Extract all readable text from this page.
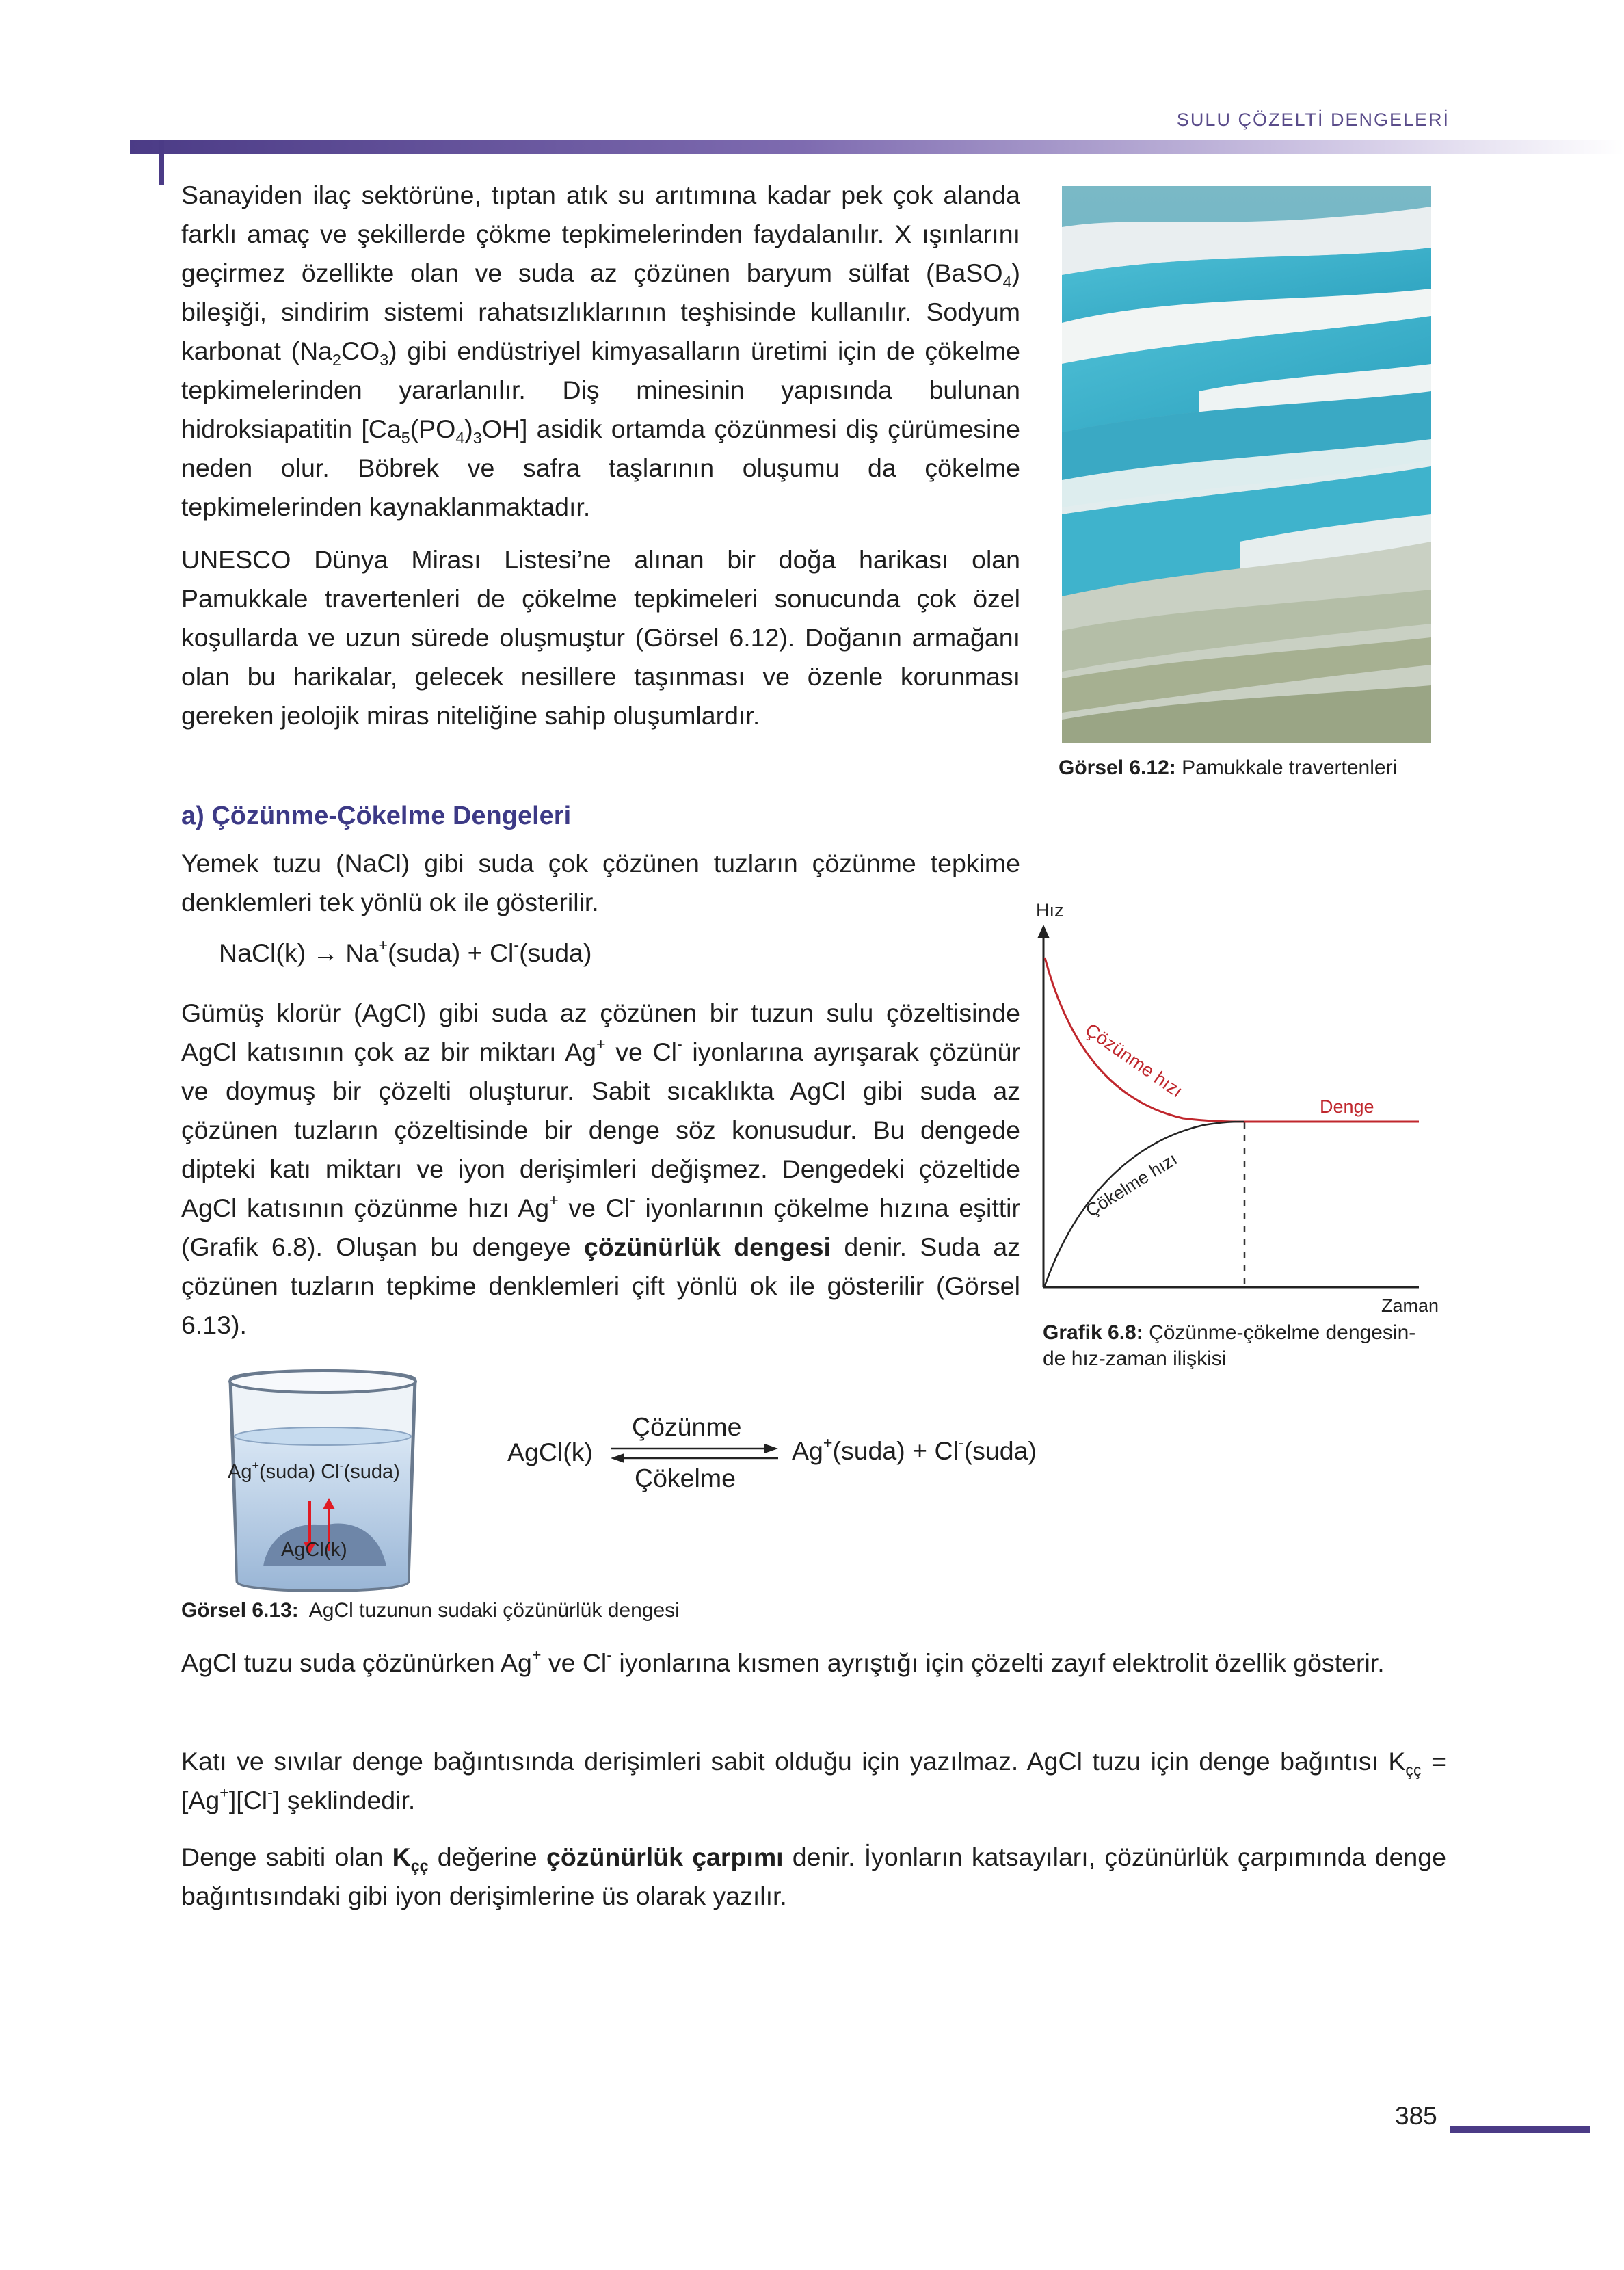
SULU ÇÖZELTİ DENGELERİ

Sanayiden ilaç sektörüne, tıptan atık su arıtımına kadar pek çok alanda farklı amaç ve şekillerde çökme tepkimelerinden faydalanılır. X ışınlarını geçirmez özellikte olan ve suda az çözünen baryum sülfat (BaSO$_4$) bileşiği, sindirim sistemi rahatsızlıklarının teşhisinde kullanılır. Sodyum karbonat $(Na_2CO_3)$ gibi endüstriyel kimyasalların üretimi için de çökelme tepkimelerinden yararlanılır. Diş minesinin yapısında bulunan hidroksiapatitin $[Ca_5(PO_4)_3OH]$ asidik ortamda çözünmesi diş çürümesine neden olur. Böbrek ve safra taşlarının oluşumu da çökelme tepkimelerinden kaynaklanmaktadır.

UNESCO Dünya Mirası Listesi’ne alınan bir doğa harikası olan Pamukkale travertenleri de çökelme tepkimeleri sonucunda çok özel koşullarda ve uzun sürede oluşmuştur (Görsel 6.12). Doğanın armağanı olan bu harikalar, gelecek nesillere taşınması ve özenle korunması gereken jeolojik miras niteliğine sahip oluşumlardır.

Görsel 6.12: Pamukkale travertenleri
a) Çözünme-Çökelme Dengeleri

Yemek tuzu (NaCl) gibi suda çok çözünen tuzların çözünme tepkime denklemleri tek yönlü ok ile gösterilir.

NaCl(k) → Na+(suda) + Cl-(suda)

Gümüş klorür (AgCl) gibi suda az çözünen bir tuzun sulu çözeltisinde AgCl katısının çok az bir miktarı Ag+ ve Cl- iyonlarına ayrışarak çözünür ve doymuş bir çözelti oluşturur. Sabit sıcaklıkta AgCl gibi suda az çözünen tuzların çözeltisinde bir denge söz konusudur. Bu dengede dipteki katı miktarı ve iyon derişimleri değişmez. Dengedeki çözeltide AgCl katısının çözünme hızı Ag+ ve Cl- iyonlarının çökelme hızına eşittir (Grafik 6.8). Oluşan bu dengeye çözünürlük dengesi denir. Suda az çözünen tuzların tepkime denklemleri çift yönlü ok ile gösterilir (Görsel 6.13).

Hız
Zaman
Denge
Çözünme hızı
Çökelme hızı
Grafik 6.8: Çözünme-çökelme dengesin-
de hız-zaman ilişkisi
Ag+(suda) Cl-(suda)
AgCl(k)
AgCl(k)
Çözünme
Çökelme
Ag+(suda) + Cl-(suda)
Görsel 6.13:  AgCl tuzunun sudaki çözünürlük dengesi

AgCl tuzu suda çözünürken Ag+ ve Cl- iyonlarına kısmen ayrıştığı için çözelti zayıf elektrolit özellik gösterir.

Katı ve sıvılar denge bağıntısında derişimleri sabit olduğu için yazılmaz. AgCl tuzu için denge bağıntısı $K_{çç} = [Ag^+][Cl^-]$ şeklindedir.

Denge sabiti olan $K_{çç}$ değerine çözünürlük çarpımı denir. İyonların katsayıları, çözünürlük çarpımında denge bağıntısındaki gibi iyon derişimlerine üs olarak yazılır.

385
